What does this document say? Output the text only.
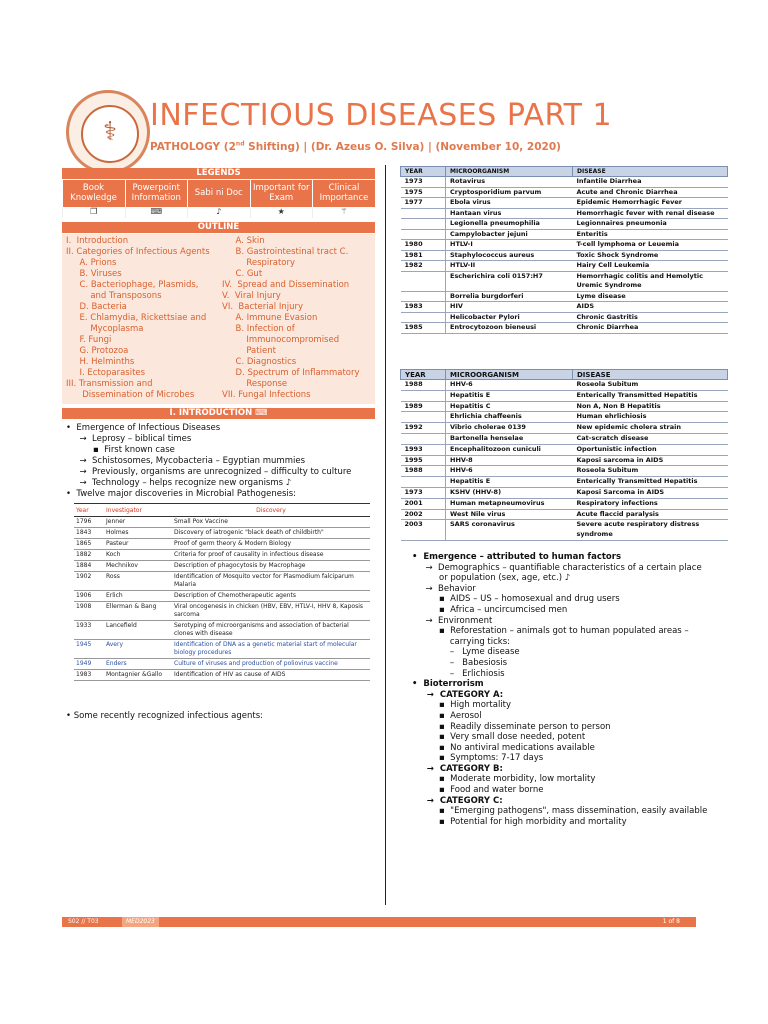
⚕	INFECTIOUS DISEASES PART 1
PATHOLOGY (2nd Shifting) | (Dr. Azeus O. Silva) | (November 10, 2020)
LEGENDS
Book Knowledge	Powerpoint Information	Sabi ni Doc	Important for Exam	Clinical Importance
❐	⌨	♪	★	⚚
OUTLINE
I.  Introduction
II. Categories of Infectious Agents
A. Prions
B. Viruses
C. Bacteriophage, Plasmids,
and Transposons
D. Bacteria
E. Chlamydia, Rickettsiae and
Mycoplasma
F. Fungi
G. Protozoa
H. Helminths
I. Ectoparasites
III. Transmission and
Dissemination of Microbes
A. Skin
B. Gastrointestinal tract C.
Respiratory
C. Gut
IV.  Spread and Dissemination
V.  Viral Injury
VI.  Bacterial Injury
A. Immune Evasion
B. Infection of
Immunocompromised
Patient
C. Diagnostics
D. Spectrum of Inflammatory
Response
VII. Fungal Infections
I. INTRODUCTION ⌨
•  Emergence of Infectious Diseases
→  Leprosy – biblical times
▪  First known case
→  Schistosomes, Mycobacteria – Egyptian mummies
→  Previously, organisms are unrecognized – difficulty to culture
→  Technology – helps recognize new organisms ♪
•  Twelve major discoveries in Microbial Pathogenesis:
Year	Investigator	Discovery
1796	Jenner	Small Pox Vaccine
1843	Holmes	Discovery of iatrogenic "black death of childbirth"
1865	Pasteur	Proof of germ theory & Modern Biology
1882	Koch	Criteria for proof of causality in infectious disease
1884	Mechnikov	Description of phagocytosis by Macrophage
1902	Ross	Identification of Mosquito vector for Plasmodium falciparum Malaria
1906	Erlich	Description of Chemotherapeutic agents
1908	Ellerman & Bang	Viral oncogenesis in chicken (HBV, EBV, HTLV-I, HHV 8, Kaposis sarcoma
1933	Lancefield	Serotyping of microorganisms and association of bacterial clones with disease
1945	Avery	Identification of DNA as a genetic material start of molecular biology procedures
1949	Enders	Culture of viruses and production of poliovirus vaccine
1983	Montagnier &Gallo	Identification of HIV as cause of AIDS
• Some recently recognized infectious agents:
YEAR	MICROORGANISM	DISEASE
1973	Rotavirus	Infantile Diarrhea
1975	Cryptosporidium parvum	Acute and Chronic Diarrhea
1977	Ebola virus	Epidemic Hemorrhagic Fever
	Hantaan virus	Hemorrhagic fever with renal disease
	Legionella pneumophilia	Legionnaires pneumonia
	Campylobacter jejuni	Enteritis
1980	HTLV-I	T-cell lymphoma or Leuemia
1981	Staphylococcus aureus	Toxic Shock Syndrome
1982	HTLV-II	Hairy Cell Leukemia
	Escherichira coli 0157:H7	Hemorrhagic colitis and Hemolytic Uremic Syndrome
	Borrelia burgdorferi	Lyme disease
1983	HIV	AIDS
	Helicobacter Pylori	Chronic Gastritis
1985	Entrocytozoon bieneusi	Chronic Diarrhea
YEAR	MICROORGANISM	DISEASE
1988	HHV-6	Roseola Subitum
	Hepatitis E	Enterically Transmitted Hepatitis
1989	Hepatitis C	Non A, Non B Hepatitis
	Ehrlichia chaffeenis	Human ehrlichiosis
1992	Vibrio cholerae 0139	New epidemic cholera strain
	Bartonella henselae	Cat-scratch disease
1993	Encephalitozoon cuniculi	Oportunistic infection
1995	HHV-8	Kaposi sarcoma in AIDS
1988	HHV-6	Roseola Subitum
	Hepatitis E	Enterically Transmitted Hepatitis
1973	KSHV (HHV-8)	Kaposi Sarcoma in AIDS
2001	Human metapneumovirus	Respiratory infections
2002	West Nile virus	Acute flaccid paralysis
2003	SARS coronavirus	Severe acute respiratory distress syndrome
•  Emergence – attributed to human factors
→  Demographics – quantifiable characteristics of a certain place
or population (sex, age, etc.) ♪
→  Behavior
▪  AIDS – US – homosexual and drug users
▪  Africa – uncircumcised men
→  Environment
▪  Reforestation – animals got to human populated areas –
carrying ticks:
–   Lyme disease
–   Babesiosis
–   Erlichiosis
•  Bioterrorism
→  CATEGORY A:
▪  High mortality
▪  Aerosol
▪  Readily disseminate person to person
▪  Very small dose needed, potent
▪  No antiviral medications available
▪  Symptoms: 7-17 days
→  CATEGORY B:
▪  Moderate morbidity, low mortality
▪  Food and water borne
→  CATEGORY C:
▪  "Emerging pathogens", mass dissemination, easily available
▪  Potential for high morbidity and mortality
S02 // T03	MED2023	1 of 8
